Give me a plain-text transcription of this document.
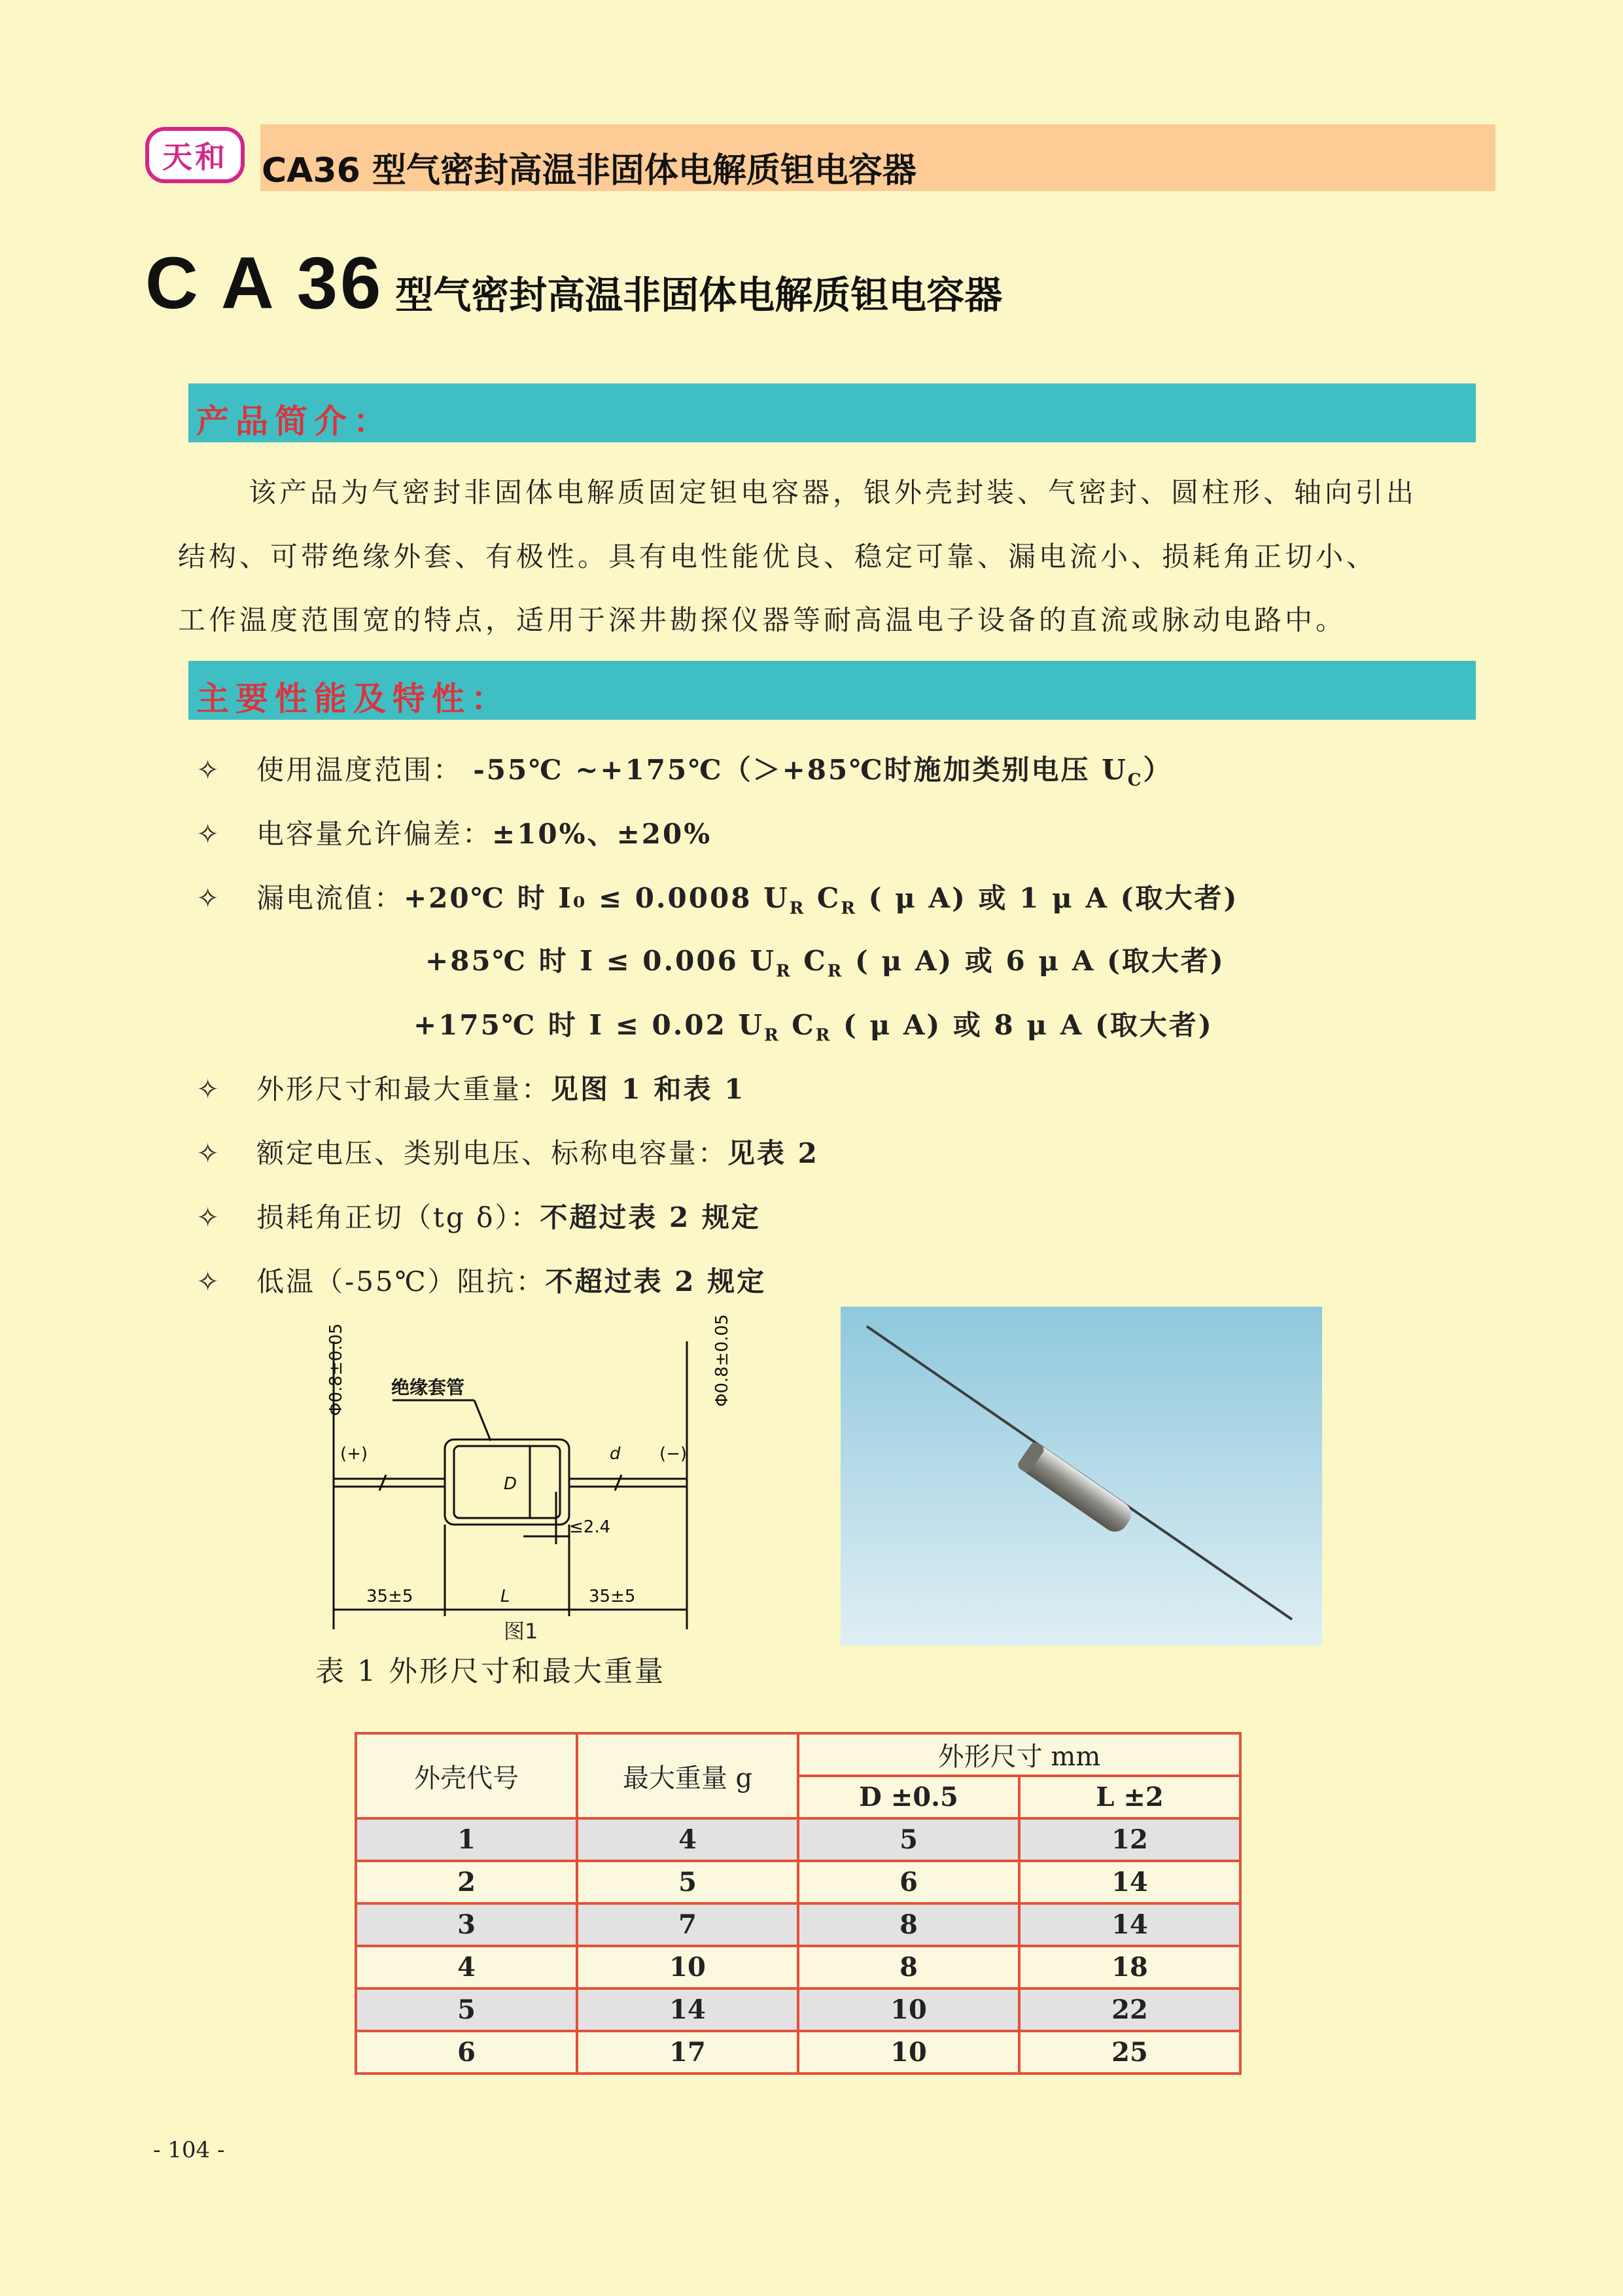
天和 CA36 型气密封高温非固体电解质钽电容器
C A 36 型气密封高温非固体电解质钽电容器
产品简介：
该产品为气密封非固体电解质固定钽电容器，银外壳封装、气密封、圆柱形、轴向引出
结构、可带绝缘外套、有极性。具有电性能优良、稳定可靠、漏电流小、损耗角正切小、
工作温度范围宽的特点，适用于深井勘探仪器等耐高温电子设备的直流或脉动电路中。
主要性能及特性：
✧ 使用温度范围： -55℃ ~+175℃（＞+85℃时施加类别电压 $U_C$）
✧ 电容量允许偏差：±10%、±20%
✧ 漏电流值：+20℃ 时 I₀ ≤ 0.0008 $U_R$ $C_R$ ( μ A) 或 1 μ A (取大者)
+85℃ 时 I ≤ 0.006 $U_R$ $C_R$ ( μ A) 或 6 μ A (取大者)
+175℃ 时 I ≤ 0.02 $U_R$ $C_R$ ( μ A) 或 8 μ A (取大者)
✧ 外形尺寸和最大重量：见图 1 和表 1
✧ 额定电压、类别电压、标称电容量：见表 2
✧ 损耗角正切（tg δ）：不超过表 2 规定
✧ 低温（-55℃）阻抗：不超过表 2 规定
Φ0.8±0.05	Φ0.8±0.05
绝缘套管
(+)	(−)
D
d
≤2.4
35±5	L	35±5
图1
表 1 外形尺寸和最大重量
外壳代号	最大重量 g	外形尺寸 mm	
		D ±0.5	L ±2
1	4	5	12
2	5	6	14
3	7	8	14
4	10	8	18
5	14	10	22
6	17	10	25
- 104 -
